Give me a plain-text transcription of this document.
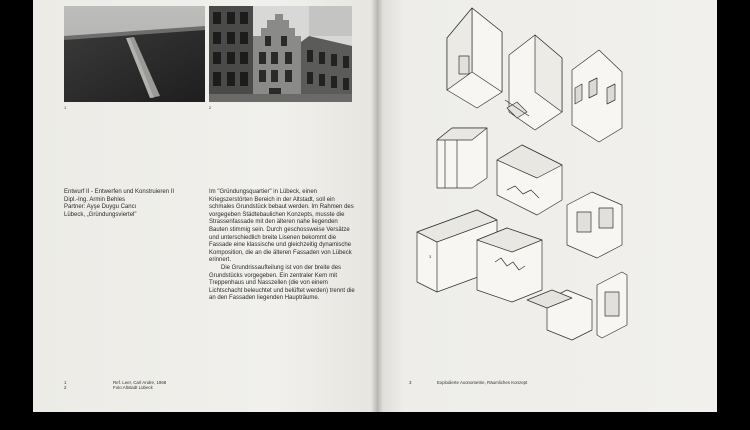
1	2
Entwurf II - Entwerfen und Konstruieren II
Dipl.-Ing. Armin Behles
Partner: Ayşe Duygu Cancı
Lübeck, „Gründungsviertel"

Im "Gründungsquartier" in Lübeck, einen Kriegszerstörten Bereich in der Altstadt, soll ein schmales Grundstück bebaut werden. Im Rahmen des vorgegeben Städtebaulichen Konzepts, musste die Strassenfassade mit den älteren nahe liegenden Bauten stimmig sein. Durch geschossweise Versätze und unterschiedlich breite Lisenen bekommt die Fassade eine klassische und gleichzeitig dynamische Komposition, die an die älteren Fassaden von Lübeck erinnert.

Die Grundrissaufteilung ist von der breite des Grundstücks vorgegeben. Ein zentraler Kern mit Treppenhaus und Nasszellen (die von einem Lichtschacht beleuchtet und belüftet werden) trennt die an den Fassaden liegenden Haupträume.

1
2
Ref. Leer, Carl Andre, 1968
Foto Altstadt Lübeck
3
3	Explodierte Axonometrie, Räumliches Konzept
